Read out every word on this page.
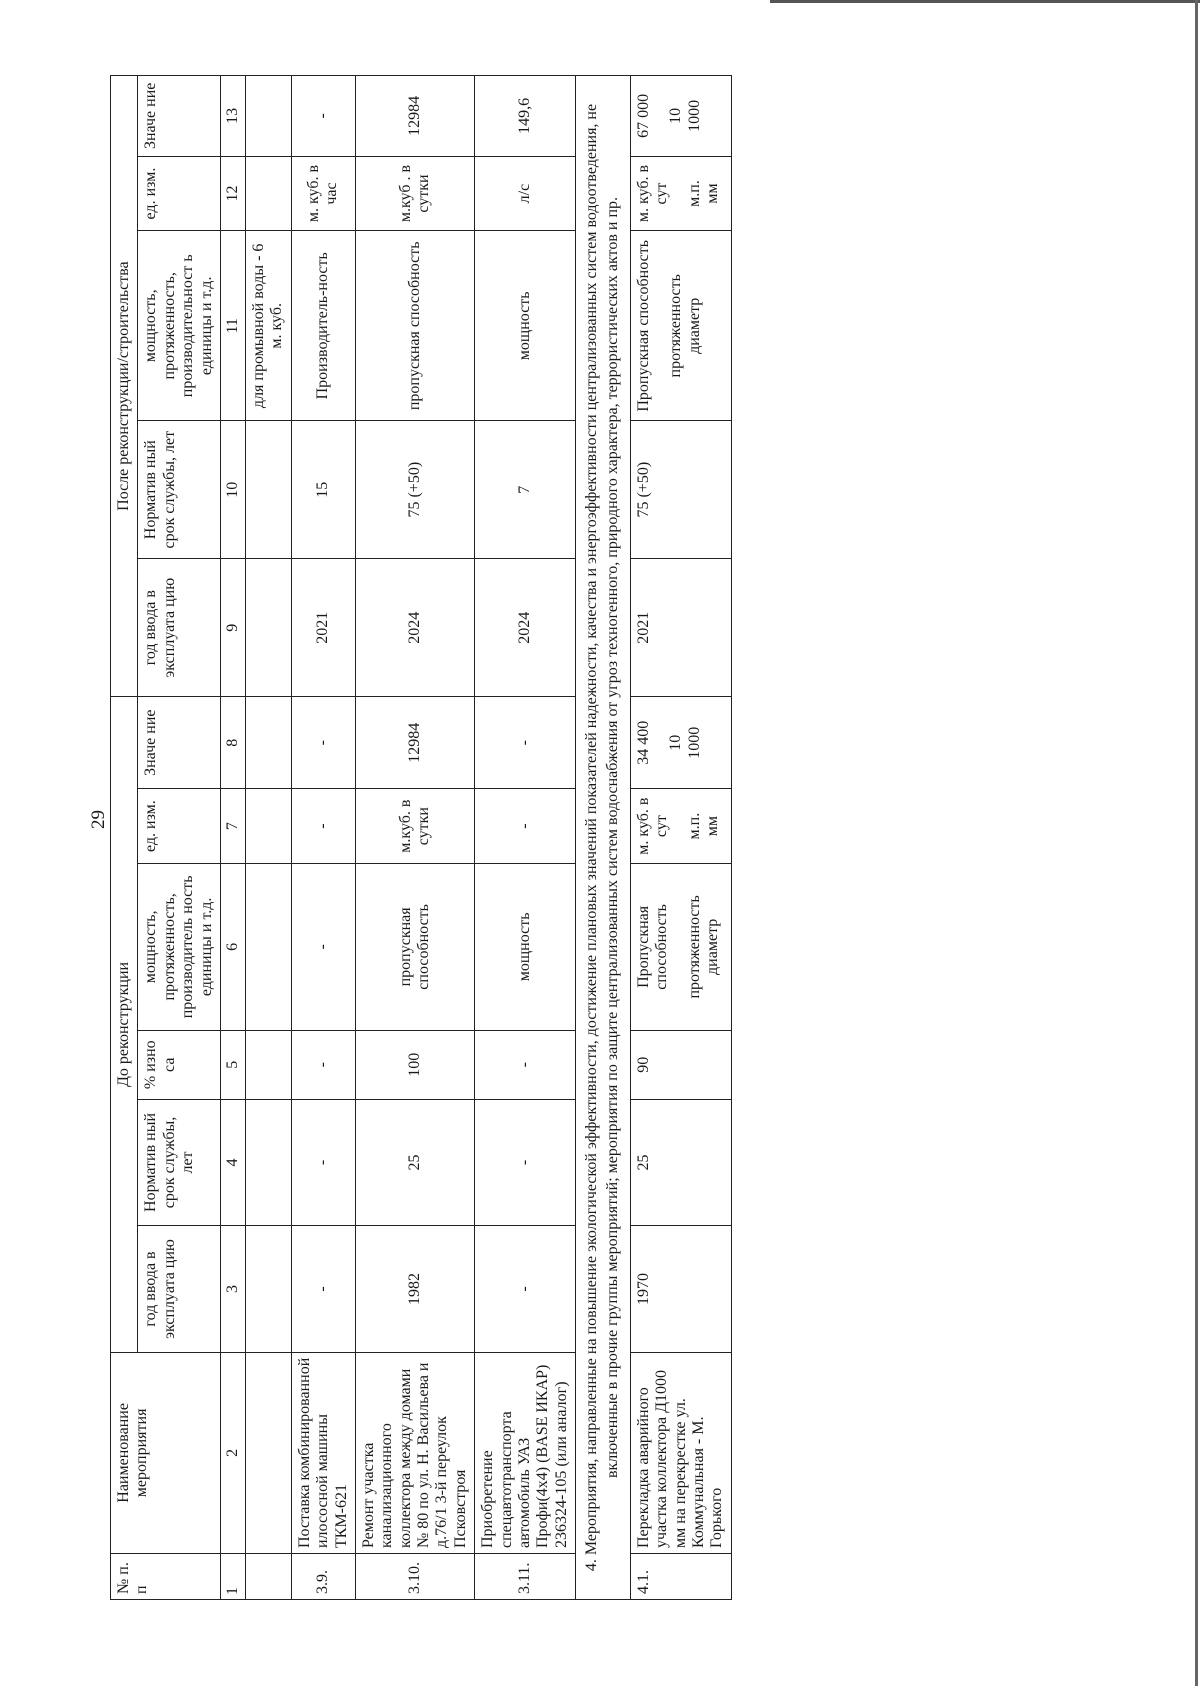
29
№ п. п	Наименование мероприятия	До реконструкции						После реконструкции/строительства				
		год ввода в эксплуата цию	Норматив ный срок службы, лет	% изно са	мощность, протяженность, производитель ность единицы и т.д.	ед. изм.	Значе ние	год ввода в эксплуата цию	Норматив ный срок службы, лет	мощность, протяженность, производительност ь единицы и т.д.	ед. изм.	Значе ние
1	2	3	4	5	6	7	8	9	10	11	12	13
										для промывной воды - 6 м. куб.		
3.9.	Поставка комбинированной илососной машины ТКМ-621	-	-	-	-	-	-	2021	15	Производитель-ность	м. куб. в час	-
3.10.	Ремонт участка канализационного коллектора между домами № 80 по ул. Н. Васильева и д.76/1 3-й переулок Псковстроя	1982	25	100	пропускная способность	м.куб. в сутки	12984	2024	75 (+50)	пропускная способность	м.куб . в сутки	12984
3.11.	Приобретение спецавтотранспорта автомобиль УАЗ Профи(4х4) (BASE ИКАР) 236324-105 (или аналог)	-	-	-	мощность	-	-	2024	7	мощность	л/с	149,6

4. Мероприятия, направленные на повышение экологической эффективности, достижение плановых значений показателей надежности, качества и энергоэффективности централизованных систем водоотведения, не включенные в прочие группы мероприятий; мероприятия по защите централизованных систем водоснабжения от угроз техногенного, природного характера, террористических актов и пр.												

4.1.	Перекладка аварийного участка коллектора Д1000 мм на перекрестке ул. Коммунальная - М. Горького	1970	25	90	Пропускная способность протяженность диаметр	м. куб. в сут м.п. мм	34 400 10 1000	2021	75 (+50)	Пропускная способность протяженность диаметр	м. куб. в сут м.п. мм	67 000 10 1000
